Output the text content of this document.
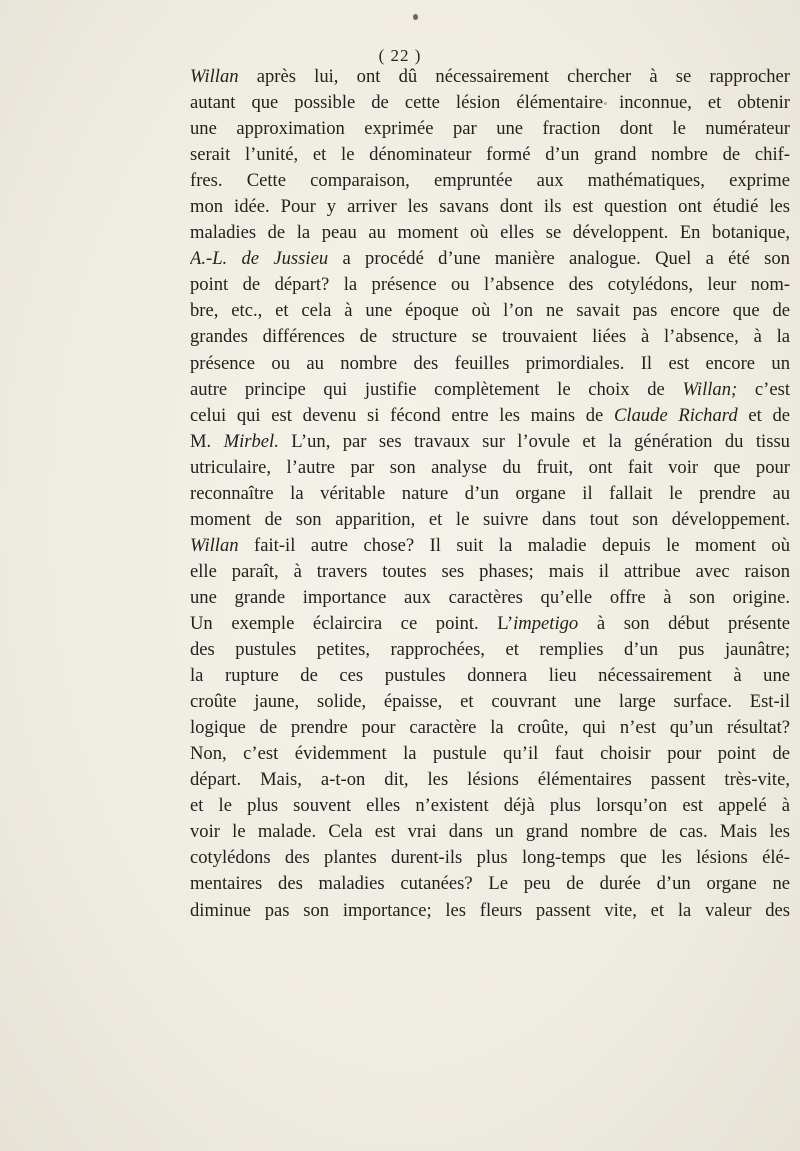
( 22 )
Willan après lui, ont dû nécessairement chercher à se rapprocher
autant que possible de cette lésion élémentaire inconnue, et obtenir
une approximation exprimée par une fraction dont le numérateur
serait l’unité, et le dénominateur formé d’un grand nombre de chif-
fres. Cette comparaison, empruntée aux mathématiques, exprime
mon idée. Pour y arriver les savans dont ils est question ont étudié les
maladies de la peau au moment où elles se développent. En botanique,
A.-L. de Jussieu a procédé d’une manière analogue. Quel a été son
point de départ? la présence ou l’absence des cotylédons, leur nom-
bre, etc., et cela à une époque où l’on ne savait pas encore que de
grandes différences de structure se trouvaient liées à l’absence, à la
présence ou au nombre des feuilles primordiales. Il est encore un
autre principe qui justifie complètement le choix de Willan; c’est
celui qui est devenu si fécond entre les mains de Claude Richard et de
M. Mirbel. L’un, par ses travaux sur l’ovule et la génération du tissu
utriculaire, l’autre par son analyse du fruit, ont fait voir que pour
reconnaître la véritable nature d’un organe il fallait le prendre au
moment de son apparition, et le suivre dans tout son développement.
Willan fait-il autre chose? Il suit la maladie depuis le moment où
elle paraît, à travers toutes ses phases; mais il attribue avec raison
une grande importance aux caractères qu’elle offre à son origine.
Un exemple éclaircira ce point. L’impetigo à son début présente
des pustules petites, rapprochées, et remplies d’un pus jaunâtre;
la rupture de ces pustules donnera lieu nécessairement à une
croûte jaune, solide, épaisse, et couvrant une large surface. Est-il
logique de prendre pour caractère la croûte, qui n’est qu’un résultat?
Non, c’est évidemment la pustule qu’il faut choisir pour point de
départ. Mais, a-t-on dit, les lésions élémentaires passent très-vite,
et le plus souvent elles n’existent déjà plus lorsqu’on est appelé à
voir le malade. Cela est vrai dans un grand nombre de cas. Mais les
cotylédons des plantes durent-ils plus long-temps que les lésions élé-
mentaires des maladies cutanées? Le peu de durée d’un organe ne
diminue pas son importance; les fleurs passent vite, et la valeur des
